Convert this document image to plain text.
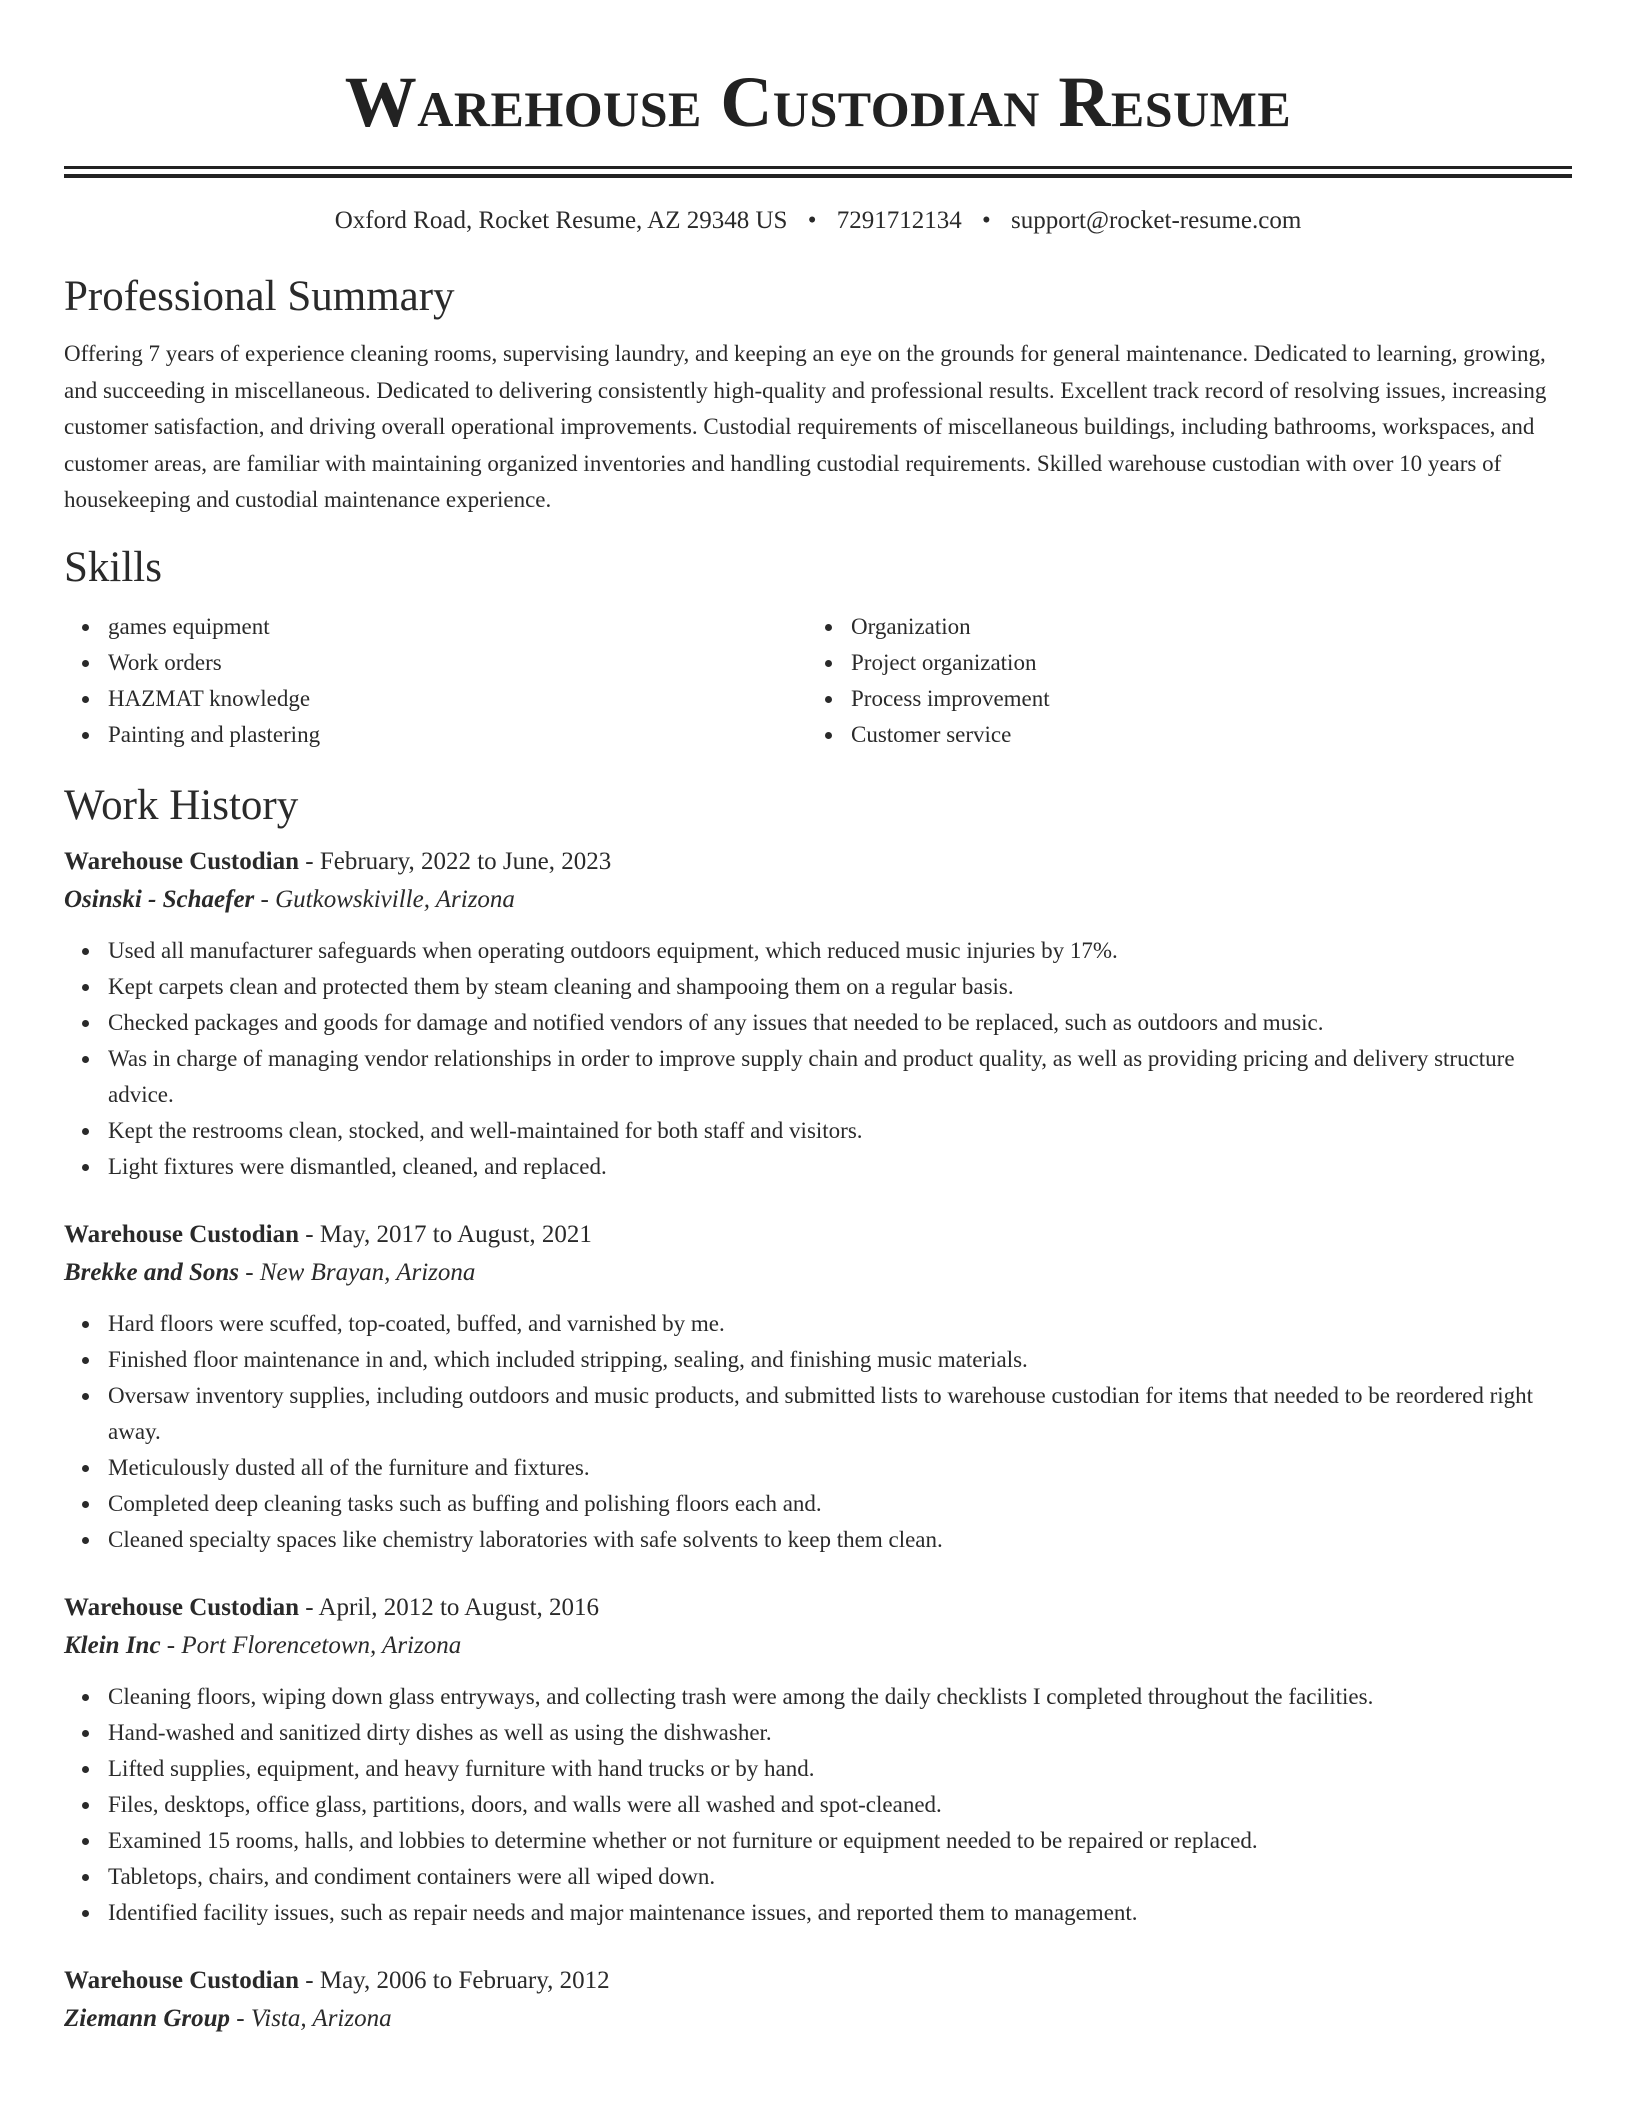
Warehouse Custodian Resume
Oxford Road, Rocket Resume, AZ 29348 US • 7291712134 • support@rocket-resume.com
Professional Summary

Offering 7 years of experience cleaning rooms, supervising laundry, and keeping an eye on the grounds for general maintenance. Dedicated to learning, growing, and succeeding in miscellaneous. Dedicated to delivering consistently high-quality and professional results. Excellent track record of resolving issues, increasing customer satisfaction, and driving overall operational improvements. Custodial requirements of miscellaneous buildings, including bathrooms, workspaces, and customer areas, are familiar with maintaining organized inventories and handling custodial requirements. Skilled warehouse custodian with over 10 years of housekeeping and custodial maintenance experience.

Skills
games equipment
Work orders
HAZMAT knowledge
Painting and plastering
Organization
Project organization
Process improvement
Customer service
Work History
Warehouse Custodian - February, 2022 to June, 2023
Osinski - Schaefer - Gutkowskiville, Arizona
Used all manufacturer safeguards when operating outdoors equipment, which reduced music injuries by 17%.
Kept carpets clean and protected them by steam cleaning and shampooing them on a regular basis.
Checked packages and goods for damage and notified vendors of any issues that needed to be replaced, such as outdoors and music.
Was in charge of managing vendor relationships in order to improve supply chain and product quality, as well as providing pricing and delivery structure advice.
Kept the restrooms clean, stocked, and well-maintained for both staff and visitors.
Light fixtures were dismantled, cleaned, and replaced.
Warehouse Custodian - May, 2017 to August, 2021
Brekke and Sons - New Brayan, Arizona
Hard floors were scuffed, top-coated, buffed, and varnished by me.
Finished floor maintenance in and, which included stripping, sealing, and finishing music materials.
Oversaw inventory supplies, including outdoors and music products, and submitted lists to warehouse custodian for items that needed to be reordered right away.
Meticulously dusted all of the furniture and fixtures.
Completed deep cleaning tasks such as buffing and polishing floors each and.
Cleaned specialty spaces like chemistry laboratories with safe solvents to keep them clean.
Warehouse Custodian - April, 2012 to August, 2016
Klein Inc - Port Florencetown, Arizona
Cleaning floors, wiping down glass entryways, and collecting trash were among the daily checklists I completed throughout the facilities.
Hand-washed and sanitized dirty dishes as well as using the dishwasher.
Lifted supplies, equipment, and heavy furniture with hand trucks or by hand.
Files, desktops, office glass, partitions, doors, and walls were all washed and spot-cleaned.
Examined 15 rooms, halls, and lobbies to determine whether or not furniture or equipment needed to be repaired or replaced.
Tabletops, chairs, and condiment containers were all wiped down.
Identified facility issues, such as repair needs and major maintenance issues, and reported them to management.
Warehouse Custodian - May, 2006 to February, 2012
Ziemann Group - Vista, Arizona
